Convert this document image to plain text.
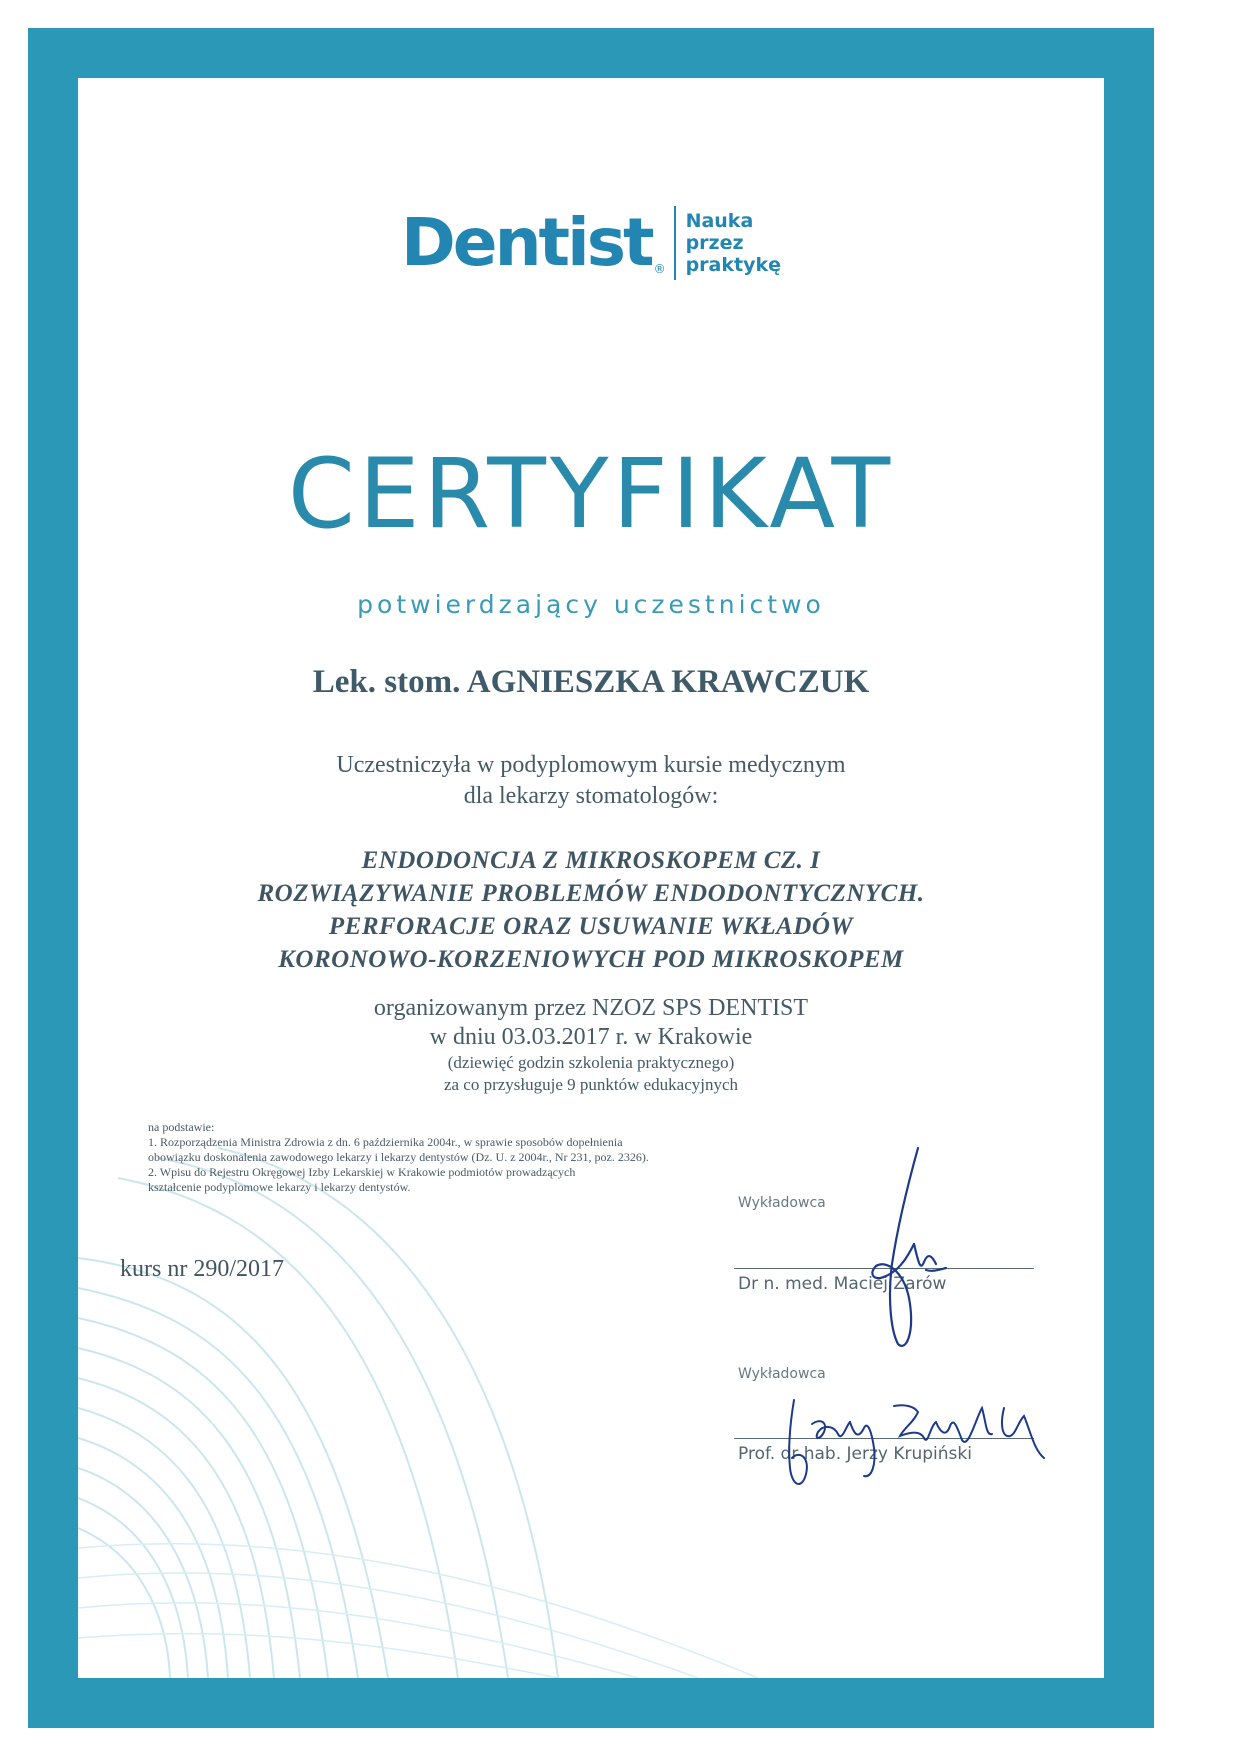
Dentist ®
Nauka
przez
praktykę
CERTYFIKAT
potwierdzający uczestnictwo
Lek. stom. AGNIESZKA KRAWCZUK
Uczestniczyła w podyplomowym kursie medycznym
dla lekarzy stomatologów:
ENDODONCJA Z MIKROSKOPEM CZ. I
ROZWIĄZYWANIE PROBLEMÓW ENDODONTYCZNYCH.
PERFORACJE ORAZ USUWANIE WKŁADÓW
KORONOWO-KORZENIOWYCH POD MIKROSKOPEM
organizowanym przez NZOZ SPS DENTIST
w dniu 03.03.2017 r. w Krakowie
(dziewięć godzin szkolenia praktycznego)
za co przysługuje 9 punktów edukacyjnych
na podstawie:
1. Rozporządzenia Ministra Zdrowia z dn. 6 października 2004r., w sprawie sposobów dopełnienia
obowiązku doskonalenia zawodowego lekarzy i lekarzy dentystów (Dz. U. z 2004r., Nr 231, poz. 2326).
2. Wpisu do Rejestru Okręgowej Izby Lekarskiej w Krakowie podmiotów prowadzących
kształcenie podyplomowe lekarzy i lekarzy dentystów.
kurs nr 290/2017
Wykładowca
Dr n. med. Maciej Żarów
Wykładowca
Prof. dr hab. Jerzy Krupiński
